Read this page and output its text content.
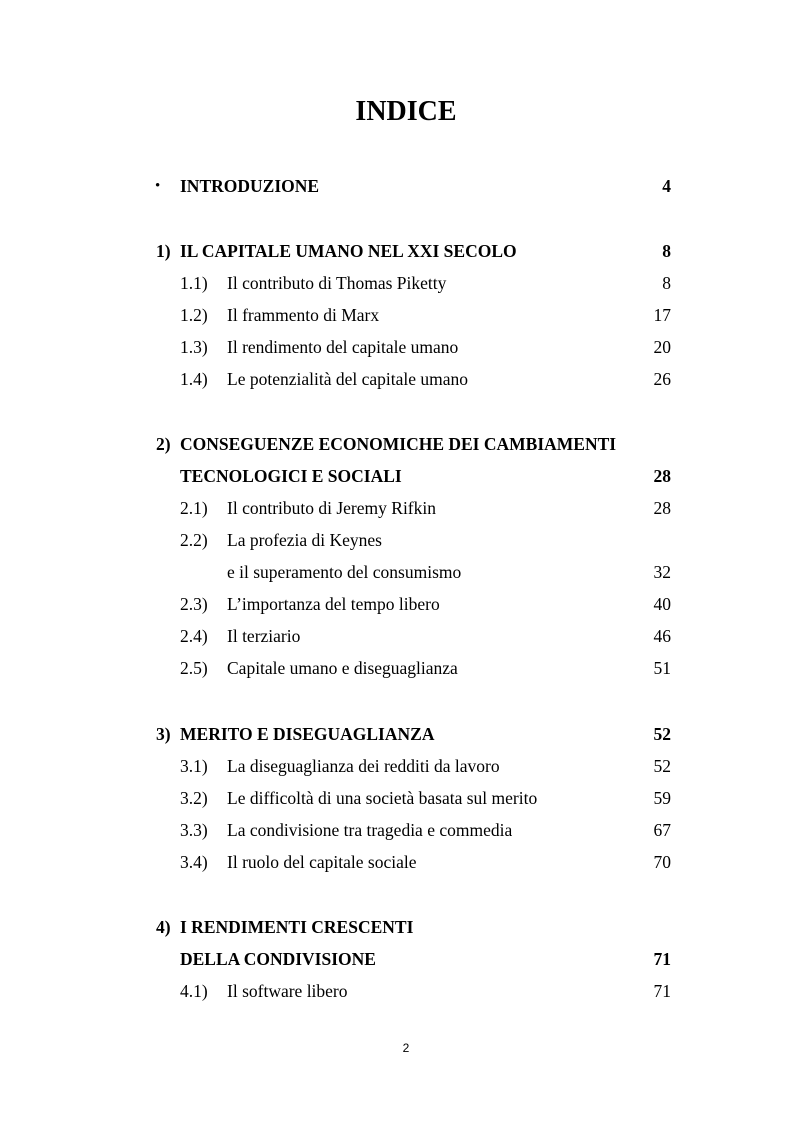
INDICE
• INTRODUZIONE	4
1) IL CAPITALE UMANO NEL XXI SECOLO	8
1.1) Il contributo di Thomas Piketty	8
1.2) Il frammento di Marx	17
1.3) Il rendimento del capitale umano	20
1.4) Le potenzialità del capitale umano	26
2) CONSEGUENZE ECONOMICHE DEI CAMBIAMENTI
TECNOLOGICI E SOCIALI	28
2.1) Il contributo di Jeremy Rifkin	28
2.2) La profezia di Keynes
e il superamento del consumismo	32
2.3) L’importanza del tempo libero	40
2.4) Il terziario	46
2.5) Capitale umano e diseguaglianza	51
3) MERITO E DISEGUAGLIANZA	52
3.1) La diseguaglianza dei redditi da lavoro	52
3.2) Le difficoltà di una società basata sul merito	59
3.3) La condivisione tra tragedia e commedia	67
3.4) Il ruolo del capitale sociale	70
4) I RENDIMENTI CRESCENTI
DELLA CONDIVISIONE	71
4.1) Il software libero	71
2
